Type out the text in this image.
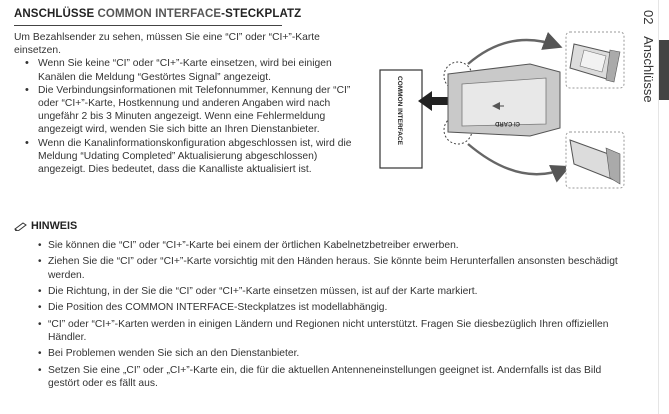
ANSCHLÜSSE COMMON INTERFACE-STECKPLATZ

Um Bezahlsender zu sehen, müssen Sie eine “CI” oder “CI+”-Karte einsetzen.

• Wenn Sie keine “CI” oder “CI+”-Karte einsetzen, wird bei einigen Kanälen die Meldung “Gestörtes Signal” angezeigt.
• Die Verbindungsinformationen mit Telefonnummer, Kennung der “CI” oder “CI+”-Karte, Hostkennung und anderen Angaben wird nach ungefähr 2 bis 3 Minuten angezeigt. Wenn eine Fehlermeldung angezeigt wird, wenden Sie sich bitte an Ihren Dienstanbieter.
• Wenn die Kanalinformationskonfiguration abgeschlossen ist, wird die Meldung “Udating Completed” Aktualisierung abgeschlossen) angezeigt. Dies bedeutet, dass die Kanalliste aktualisiert ist.
COMMON INTERFACE	CI CARD
HINWEIS
• Sie können die “CI” oder “CI+”-Karte bei einem der örtlichen Kabelnetzbetreiber erwerben.
• Ziehen Sie die “CI” oder “CI+”-Karte vorsichtig mit den Händen heraus. Sie könnte beim Herunterfallen ansonsten beschädigt werden.
• Die Richtung, in der Sie die “CI” oder “CI+”-Karte einsetzen müssen, ist auf der Karte markiert.
• Die Position des COMMON INTERFACE-Steckplatzes ist modellabhängig.
• “CI” oder “CI+”-Karten werden in einigen Ländern und Regionen nicht unterstützt. Fragen Sie diesbezüglich Ihren offiziellen Händler.
• Bei Problemen wenden Sie sich an den Dienstanbieter.
• Setzen Sie eine „CI” oder „CI+”-Karte ein, die für die aktuellen Antenneneinstellungen geeignet ist. Andernfalls ist das Bild gestört oder es fällt aus.
02 Anschlüsse
